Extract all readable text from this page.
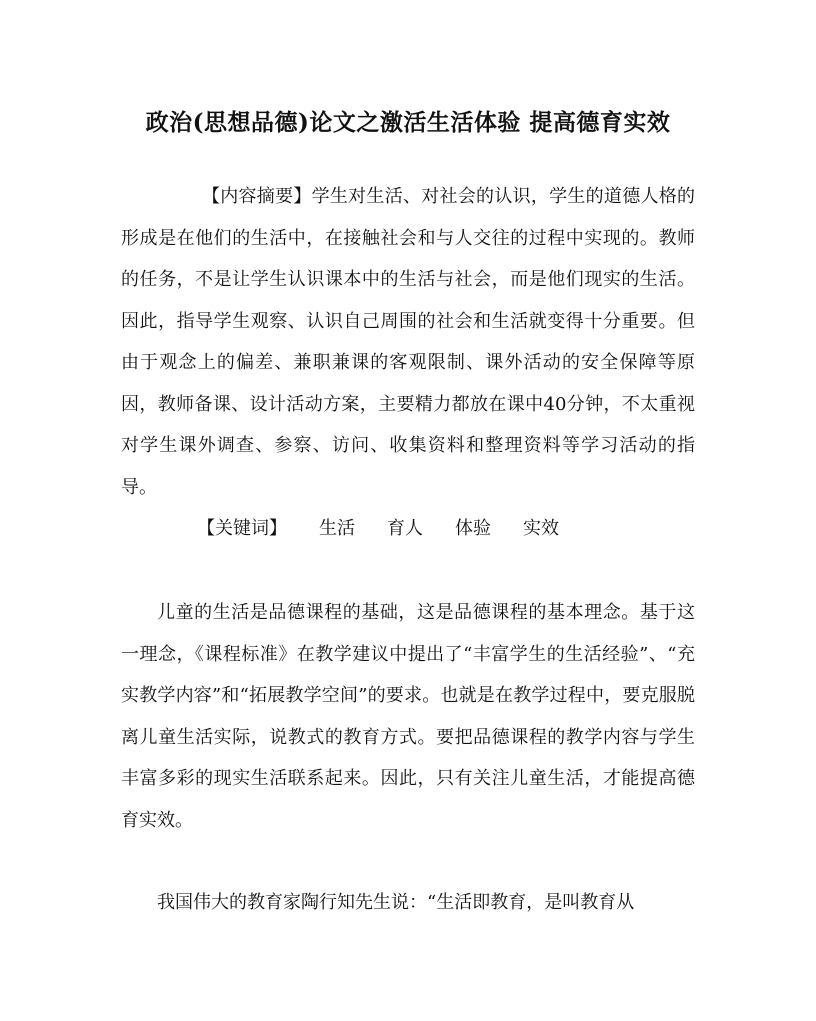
政治(思想品德)论文之激活生活体验 提高德育实效

【内容摘要】学生对生活、对社会的认识，学生的道德人格的形成是在他们的生活中，在接触社会和与人交往的过程中实现的。教师的任务，不是让学生认识课本中的生活与社会，而是他们现实的生活。因此，指导学生观察、认识自己周围的社会和生活就变得十分重要。但由于观念上的偏差、兼职兼课的客观限制、课外活动的安全保障等原因，教师备课、设计活动方案，主要精力都放在课中40分钟，不太重视对学生课外调查、参察、访问、收集资料和整理资料等学习活动的指导。

【关键词】 生活 育人 体验 实效

儿童的生活是品德课程的基础，这是品德课程的基本理念。基于这一理念，《课程标准》在教学建议中提出了“丰富学生的生活经验”、“充实教学内容”和“拓展教学空间”的要求。也就是在教学过程中，要克服脱离儿童生活实际，说教式的教育方式。要把品德课程的教学内容与学生丰富多彩的现实生活联系起来。因此，只有关注儿童生活，才能提高德育实效。

我国伟大的教育家陶行知先生说：“生活即教育，是叫教育从
